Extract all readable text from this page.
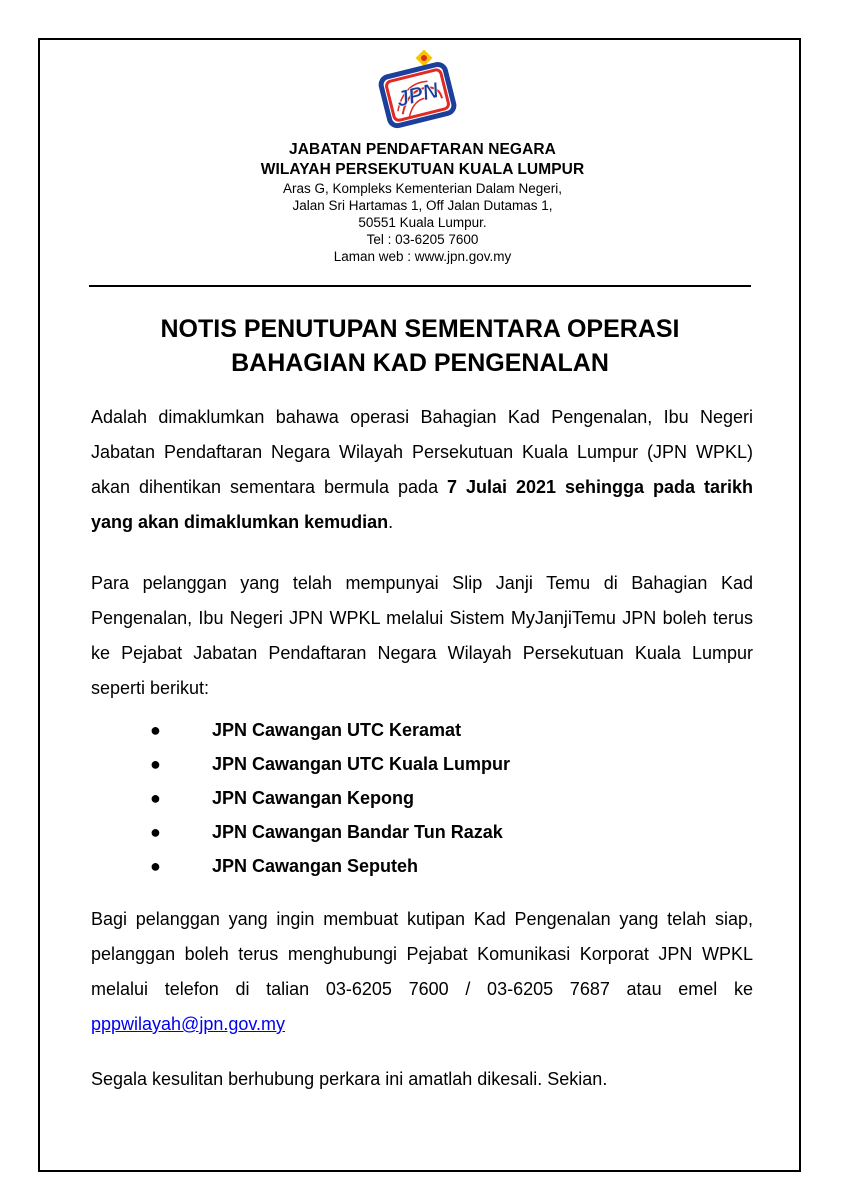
JPN
JABATAN PENDAFTARAN NEGARA
WILAYAH PERSEKUTUAN KUALA LUMPUR
Aras G, Kompleks Kementerian Dalam Negeri,
Jalan Sri Hartamas 1, Off Jalan Dutamas 1,
50551 Kuala Lumpur.
Tel : 03-6205 7600
Laman web : www.jpn.gov.my
NOTIS PENUTUPAN SEMENTARA OPERASI
BAHAGIAN KAD PENGENALAN
Adalah dimaklumkan bahawa operasi Bahagian Kad Pengenalan, Ibu Negeri Jabatan Pendaftaran Negara Wilayah Persekutuan Kuala Lumpur (JPN WPKL) akan dihentikan sementara bermula pada 7 Julai 2021 sehingga pada tarikh yang akan dimaklumkan kemudian.
Para pelanggan yang telah mempunyai Slip Janji Temu di Bahagian Kad Pengenalan, Ibu Negeri JPN WPKL melalui Sistem MyJanjiTemu JPN boleh terus ke Pejabat Jabatan Pendaftaran Negara Wilayah Persekutuan Kuala Lumpur seperti berikut:
●	JPN Cawangan UTC Keramat
●	JPN Cawangan UTC Kuala Lumpur
●	JPN Cawangan Kepong
●	JPN Cawangan Bandar Tun Razak
●	JPN Cawangan Seputeh
Bagi pelanggan yang ingin membuat kutipan Kad Pengenalan yang telah siap, pelanggan boleh terus menghubungi Pejabat Komunikasi Korporat JPN WPKL melalui telefon di talian 03-6205 7600 / 03-6205 7687 atau emel ke pppwilayah@jpn.gov.my
Segala kesulitan berhubung perkara ini amatlah dikesali. Sekian.
